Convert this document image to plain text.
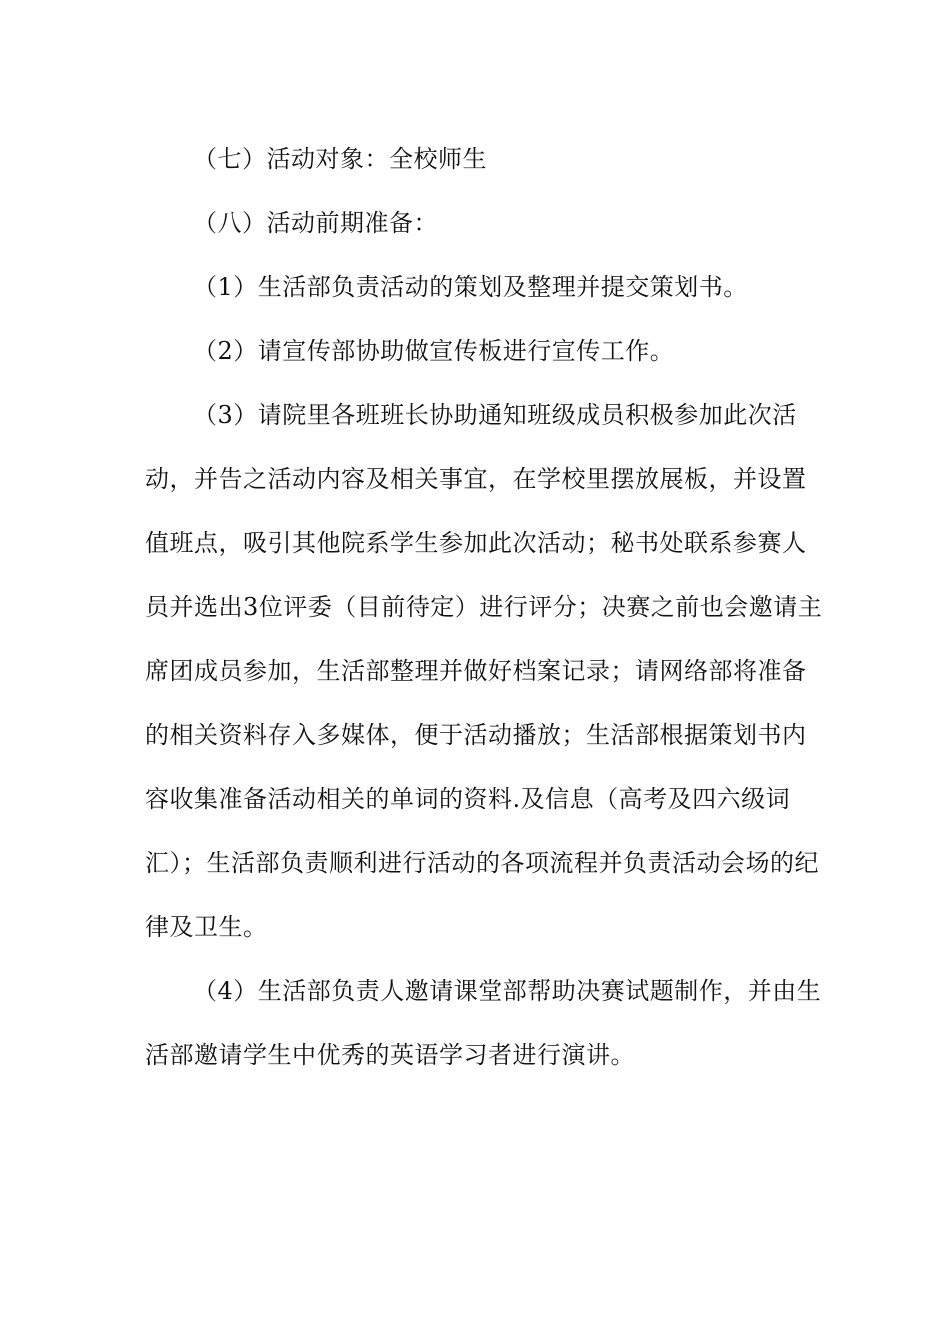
（七）活动对象：全校师生

（八）活动前期准备：

（1）生活部负责活动的策划及整理并提交策划书。

（2）请宣传部协助做宣传板进行宣传工作。

（3）请院里各班班长协助通知班级成员积极参加此次活动，并告之活动内容及相关事宜，在学校里摆放展板，并设置值班点，吸引其他院系学生参加此次活动；秘书处联系参赛人员并选出3位评委（目前待定）进行评分；决赛之前也会邀请主席团成员参加，生活部整理并做好档案记录；请网络部将准备的相关资料存入多媒体，便于活动播放；生活部根据策划书内容收集准备活动相关的单词的资料.及信息（高考及四六级词汇）；生活部负责顺利进行活动的各项流程并负责活动会场的纪律及卫生。

（4）生活部负责人邀请课堂部帮助决赛试题制作，并由生活部邀请学生中优秀的英语学习者进行演讲。
